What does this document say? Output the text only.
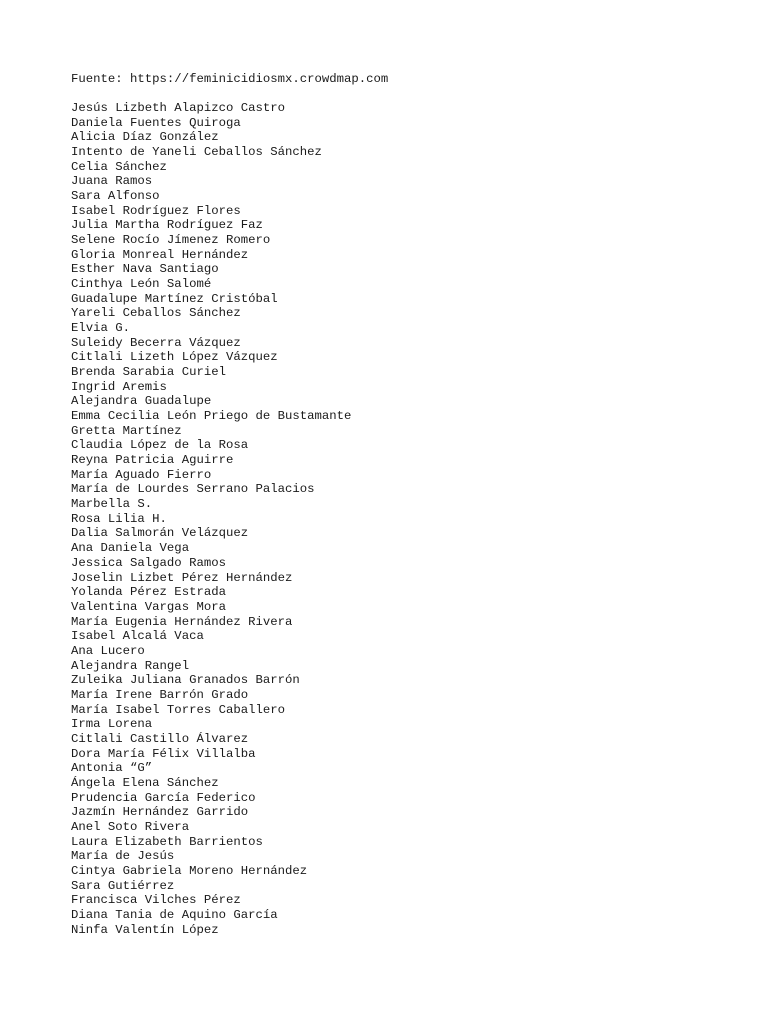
Fuente: https://feminicidiosmx.crowdmap.com
Jesús Lizbeth Alapizco Castro
Daniela Fuentes Quiroga
Alicia Díaz González
Intento de Yaneli Ceballos Sánchez
Celia Sánchez
Juana Ramos
Sara Alfonso
Isabel Rodríguez Flores
Julia Martha Rodríguez Faz
Selene Rocío Jímenez Romero
Gloria Monreal Hernández
Esther Nava Santiago
Cinthya León Salomé
Guadalupe Martínez Cristóbal
Yareli Ceballos Sánchez
Elvia G.
Suleidy Becerra Vázquez
Citlali Lizeth López Vázquez
Brenda Sarabia Curiel
Ingrid Aremis
Alejandra Guadalupe
Emma Cecilia León Priego de Bustamante
Gretta Martínez
Claudia López de la Rosa
Reyna Patricia Aguirre
María Aguado Fierro
María de Lourdes Serrano Palacios
Marbella S.
Rosa Lilia H.
Dalia Salmorán Velázquez
Ana Daniela Vega
Jessica Salgado Ramos
Joselin Lizbet Pérez Hernández
Yolanda Pérez Estrada
Valentina Vargas Mora
María Eugenia Hernández Rivera
Isabel Alcalá Vaca
Ana Lucero
Alejandra Rangel
Zuleika Juliana Granados Barrón
María Irene Barrón Grado
María Isabel Torres Caballero
Irma Lorena
Citlali Castillo Álvarez
Dora María Félix Villalba
Antonia “G”
Ángela Elena Sánchez
Prudencia García Federico
Jazmín Hernández Garrido
Anel Soto Rivera
Laura Elizabeth Barrientos
María de Jesús
Cintya Gabriela Moreno Hernández
Sara Gutiérrez
Francisca Vilches Pérez
Diana Tania de Aquino García
Ninfa Valentín López
